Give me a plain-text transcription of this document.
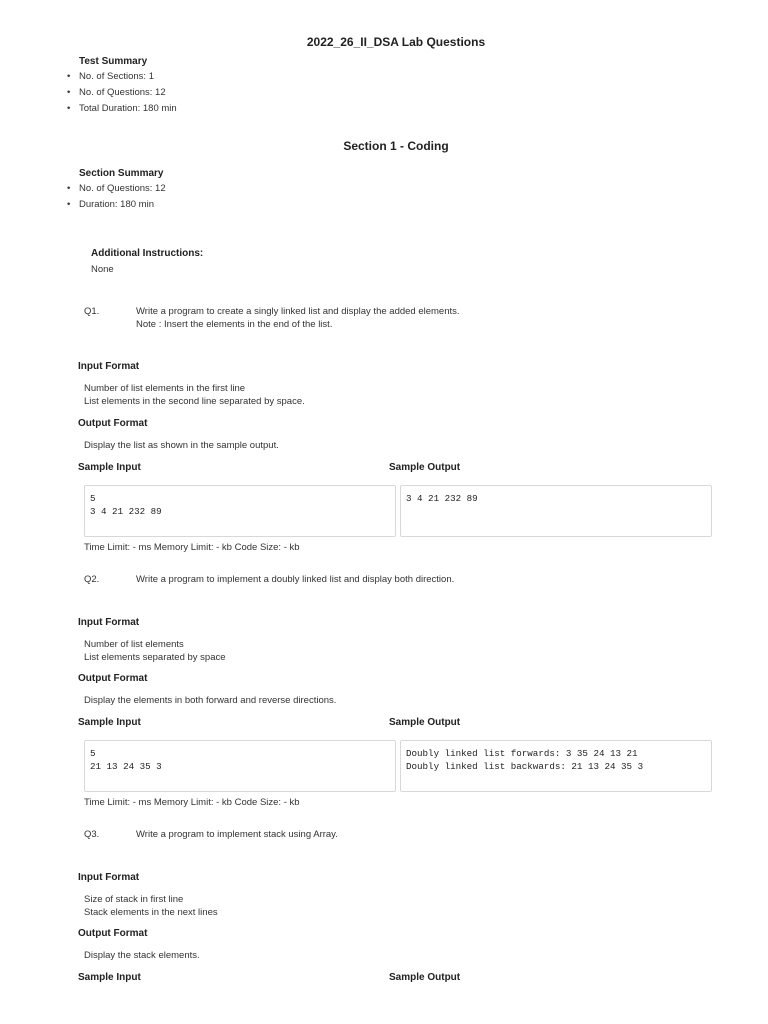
2022_26_II_DSA Lab Questions
Test Summary
• No. of Sections: 1
• No. of Questions: 12
• Total Duration: 180 min
Section 1 - Coding
Section Summary
• No. of Questions: 12
• Duration: 180 min
Additional Instructions:
None
Q1.	Write a program to create a singly linked list and display the added elements.
Note : Insert the elements in the end of the list.
Input Format
Number of list elements in the first line
List elements in the second line separated by space.
Output Format
Display the list as shown in the sample output.
Sample Input	Sample Output
5
3 4 21 232 89
3 4 21 232 89
Time Limit: - ms Memory Limit: - kb Code Size: - kb
Q2.	Write a program to implement a doubly linked list and display both direction.
Input Format
Number of list elements
List elements separated by space
Output Format
Display the elements in both forward and reverse directions.
Sample Input	Sample Output
5
21 13 24 35 3
Doubly linked list forwards: 3 35 24 13 21
Doubly linked list backwards: 21 13 24 35 3
Time Limit: - ms Memory Limit: - kb Code Size: - kb
Q3.	Write a program to implement stack using Array.
Input Format
Size of stack in first line
Stack elements in the next lines
Output Format
Display the stack elements.
Sample Input	Sample Output
